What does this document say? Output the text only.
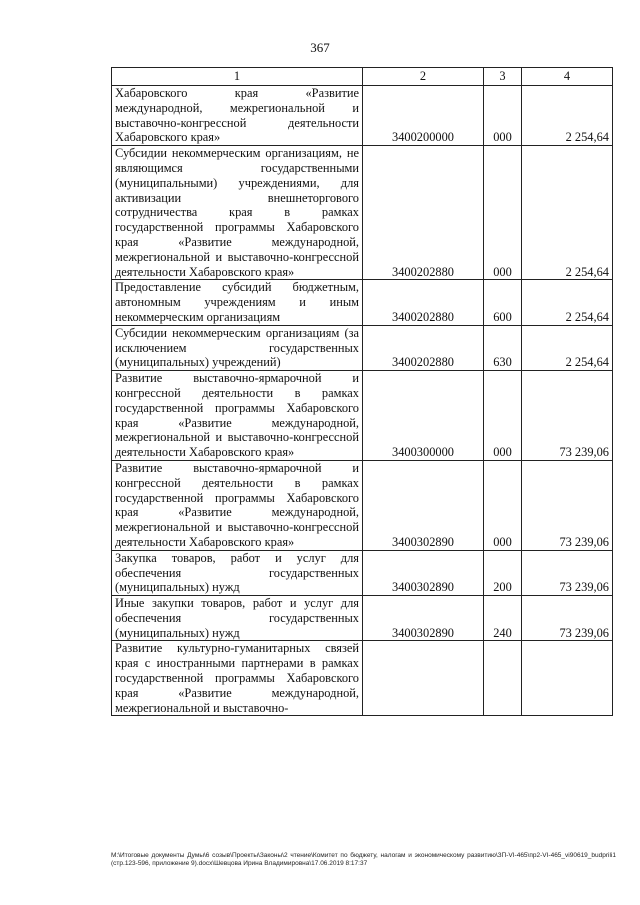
367
1	2	3	4
Хабаровского края «Развитие международной, межрегиональной и выставочно-конгрессной деятельности Хабаровского края»	3400200000	000	2 254,64
Субсидии некоммерческим организациям, не являющимся государственными (муниципальными) учреждениями, для активизации внешнеторгового сотрудничества края в рамках государственной программы Хабаровского края «Развитие международной, межрегиональной и выставочно-конгрессной деятельности Хабаровского края»	3400202880	000	2 254,64
Предоставление субсидий бюджетным, автономным учреждениям и иным некоммерческим организациям	3400202880	600	2 254,64
Субсидии некоммерческим организациям (за исключением государственных (муниципальных) учреждений)	3400202880	630	2 254,64
Развитие выставочно-ярмарочной и конгрессной деятельности в рамках государственной программы Хабаровского края «Развитие международной, межрегиональной и выставочно-конгрессной деятельности Хабаровского края»	3400300000	000	73 239,06
Развитие выставочно-ярмарочной и конгрессной деятельности в рамках государственной программы Хабаровского края «Развитие международной, межрегиональной и выставочно-конгрессной деятельности Хабаровского края»	3400302890	000	73 239,06
Закупка товаров, работ и услуг для обеспечения государственных (муниципальных) нужд	3400302890	200	73 239,06
Иные закупки товаров, работ и услуг для обеспечения государственных (муниципальных) нужд	3400302890	240	73 239,06
Развитие культурно-гуманитарных связей края с иностранными партнерами в рамках государственной программы Хабаровского края «Развитие международной, межрегиональной и выставочно-			
M:\Итоговые документы Думы\6 созыв\Проекты\Законы\2 чтение\Комитет по бюджету, налогам и экономическому развитию\ЗП-VI-465\пр2-VI-465_vi90619_budprili1 (стр.123-596, приложение 9).docx\Шевцова Ирина Владимировна\17.06.2019 8:17:37
